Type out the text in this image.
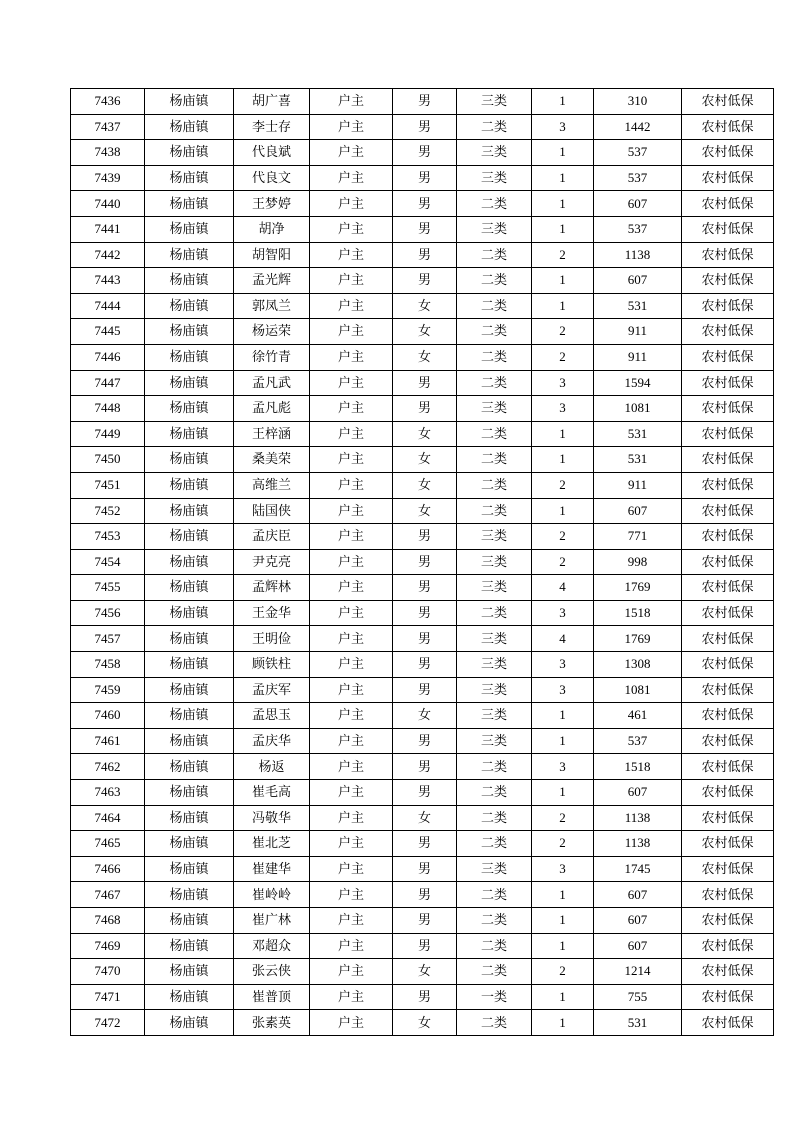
7436	杨庙镇	胡广喜	户主	男	三类	1	310	农村低保
7437	杨庙镇	李士存	户主	男	二类	3	1442	农村低保
7438	杨庙镇	代良斌	户主	男	三类	1	537	农村低保
7439	杨庙镇	代良文	户主	男	三类	1	537	农村低保
7440	杨庙镇	王梦婷	户主	男	二类	1	607	农村低保
7441	杨庙镇	胡净	户主	男	三类	1	537	农村低保
7442	杨庙镇	胡智阳	户主	男	二类	2	1138	农村低保
7443	杨庙镇	孟光辉	户主	男	二类	1	607	农村低保
7444	杨庙镇	郭凤兰	户主	女	二类	1	531	农村低保
7445	杨庙镇	杨运荣	户主	女	二类	2	911	农村低保
7446	杨庙镇	徐竹青	户主	女	二类	2	911	农村低保
7447	杨庙镇	孟凡武	户主	男	二类	3	1594	农村低保
7448	杨庙镇	孟凡彪	户主	男	三类	3	1081	农村低保
7449	杨庙镇	王梓涵	户主	女	二类	1	531	农村低保
7450	杨庙镇	桑美荣	户主	女	二类	1	531	农村低保
7451	杨庙镇	高维兰	户主	女	二类	2	911	农村低保
7452	杨庙镇	陆国侠	户主	女	二类	1	607	农村低保
7453	杨庙镇	孟庆臣	户主	男	三类	2	771	农村低保
7454	杨庙镇	尹克亮	户主	男	三类	2	998	农村低保
7455	杨庙镇	孟辉林	户主	男	三类	4	1769	农村低保
7456	杨庙镇	王金华	户主	男	二类	3	1518	农村低保
7457	杨庙镇	王明俭	户主	男	三类	4	1769	农村低保
7458	杨庙镇	顾铁柱	户主	男	三类	3	1308	农村低保
7459	杨庙镇	孟庆军	户主	男	三类	3	1081	农村低保
7460	杨庙镇	孟思玉	户主	女	三类	1	461	农村低保
7461	杨庙镇	孟庆华	户主	男	三类	1	537	农村低保
7462	杨庙镇	杨返	户主	男	二类	3	1518	农村低保
7463	杨庙镇	崔毛高	户主	男	二类	1	607	农村低保
7464	杨庙镇	冯敬华	户主	女	二类	2	1138	农村低保
7465	杨庙镇	崔北芝	户主	男	二类	2	1138	农村低保
7466	杨庙镇	崔建华	户主	男	三类	3	1745	农村低保
7467	杨庙镇	崔岭岭	户主	男	二类	1	607	农村低保
7468	杨庙镇	崔广林	户主	男	二类	1	607	农村低保
7469	杨庙镇	邓超众	户主	男	二类	1	607	农村低保
7470	杨庙镇	张云侠	户主	女	二类	2	1214	农村低保
7471	杨庙镇	崔普顶	户主	男	一类	1	755	农村低保
7472	杨庙镇	张素英	户主	女	二类	1	531	农村低保
